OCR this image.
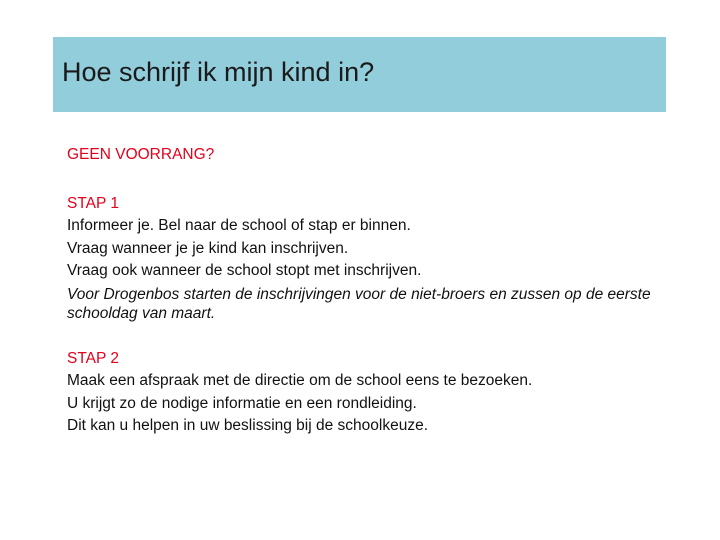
Hoe schrijf ik mijn kind in?

GEEN VOORRANG?

STAP 1

Informeer je. Bel naar de school of stap er binnen.

Vraag wanneer je je kind kan inschrijven.

Vraag ook wanneer de school stopt met inschrijven.

Voor Drogenbos starten de inschrijvingen voor de niet-broers en zussen op de eerste schooldag van maart.

STAP 2

Maak een afspraak met de directie om de school eens te bezoeken.

U krijgt zo de nodige informatie en een rondleiding.

Dit kan u helpen in uw beslissing bij de schoolkeuze.
